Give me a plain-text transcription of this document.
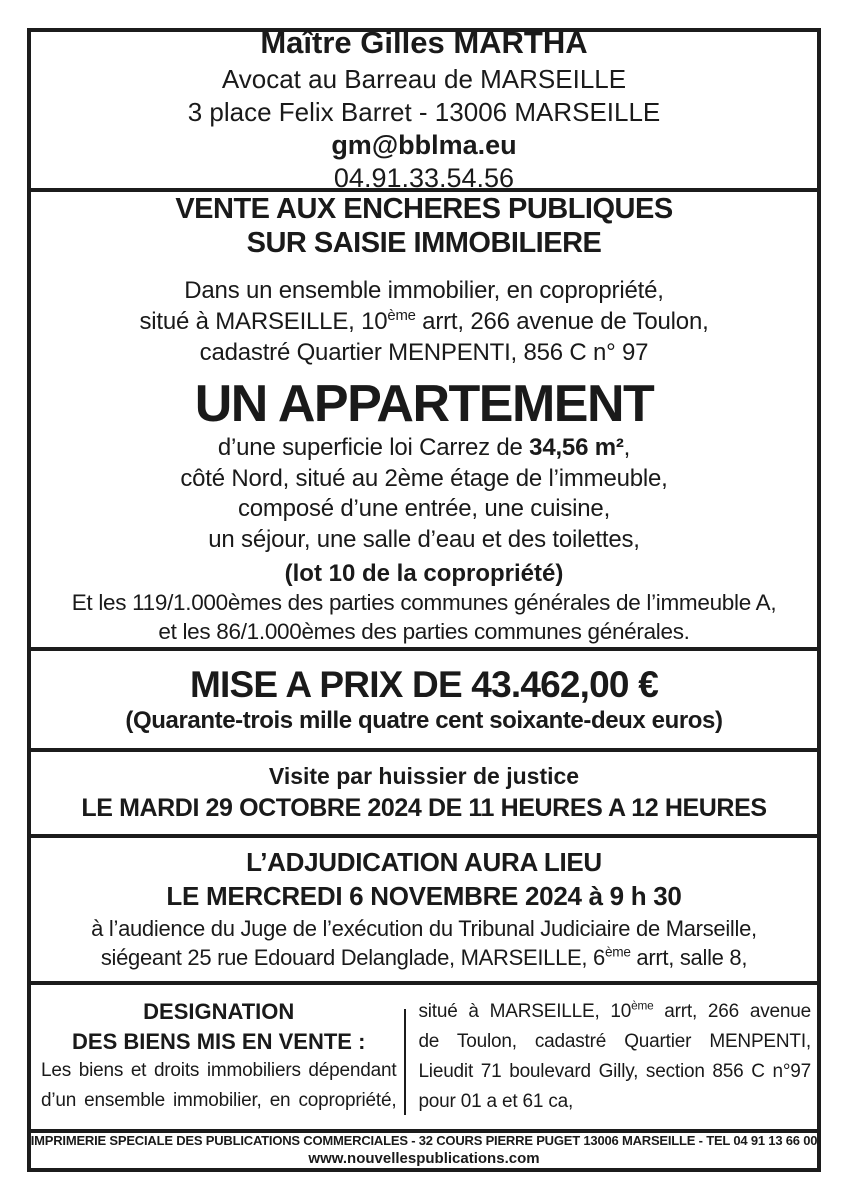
Maître Gilles MARTHA
Avocat au Barreau de MARSEILLE
3 place Felix Barret - 13006 MARSEILLE
gm@bblma.eu
04.91.33.54.56
VENTE AUX ENCHERES PUBLIQUES
SUR SAISIE IMMOBILIERE
Dans un ensemble immobilier, en copropriété,
situé à MARSEILLE, 10ème arrt, 266 avenue de Toulon,
cadastré Quartier MENPENTI, 856 C n° 97
UN APPARTEMENT
d’une superficie loi Carrez de 34,56 m²,
côté Nord, situé au 2ème étage de l’immeuble,
composé d’une entrée, une cuisine,
un séjour, une salle d’eau et des toilettes,
(lot 10 de la copropriété)
Et les 119/1.000èmes des parties communes générales de l’immeuble A,
et les 86/1.000èmes des parties communes générales.
MISE A PRIX DE 43.462,00 €
(Quarante-trois mille quatre cent soixante-deux euros)
Visite par huissier de justice
LE MARDI 29 OCTOBRE 2024 DE 11 HEURES A 12 HEURES
L’ADJUDICATION AURA LIEU
LE MERCREDI 6 NOVEMBRE 2024 à 9 h 30
à l’audience du Juge de l’exécution du Tribunal Judiciaire de Marseille,
siégeant 25 rue Edouard Delanglade, MARSEILLE, 6ème arrt, salle 8,
DESIGNATION
DES BIENS MIS EN VENTE :
Les biens et droits immobiliers dépendant
d’un ensemble immobilier, en copropriété,
situé à MARSEILLE, 10ème arrt, 266 avenue
de Toulon, cadastré Quartier MENPENTI,
Lieudit 71 boulevard Gilly, section 856 C n°97
pour 01 a et 61 ca,
IMPRIMERIE SPECIALE DES PUBLICATIONS COMMERCIALES - 32 COURS PIERRE PUGET 13006 MARSEILLE - TEL 04 91 13 66 00
www.nouvellespublications.com
